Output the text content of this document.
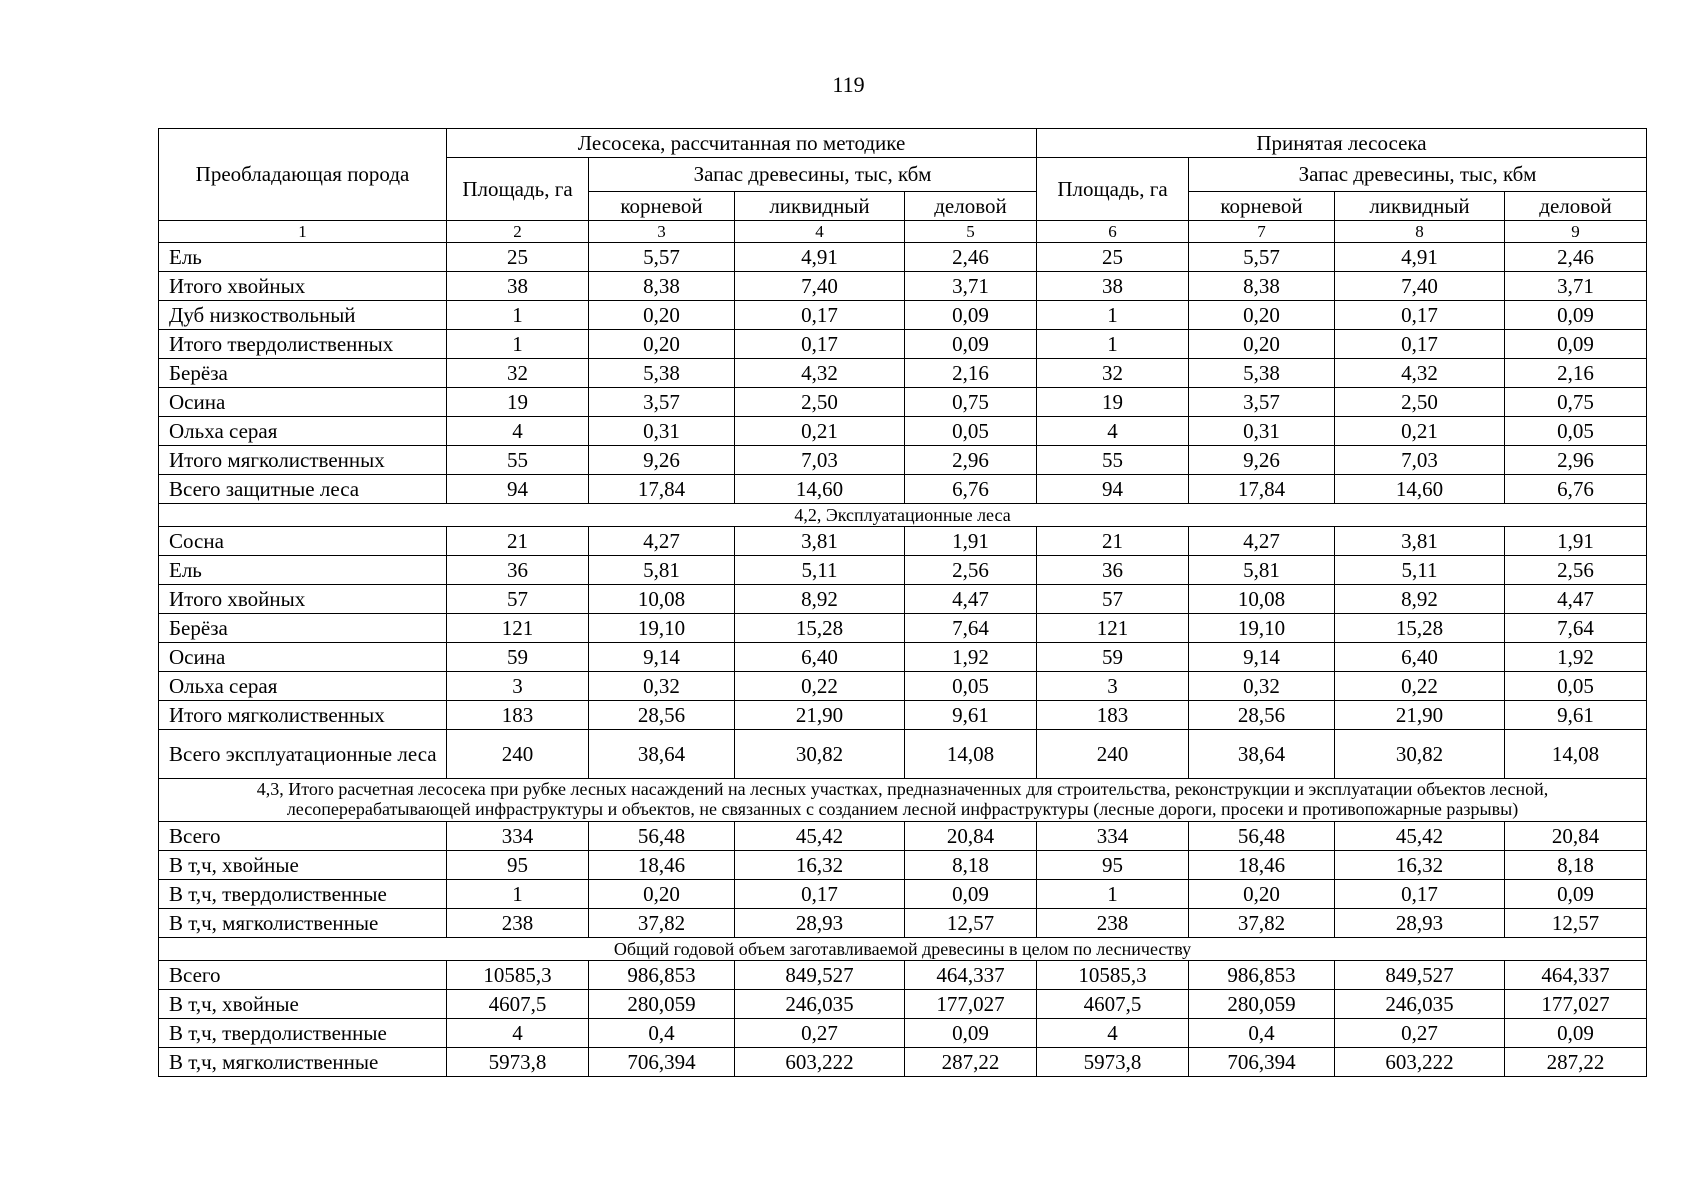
119
Преобладающая порода	Лесосека, рассчитанная по методике				Принятая лесосека			
	Площадь, га	Запас древесины, тыс, кбм			Площадь, га	Запас древесины, тыс, кбм		
		корневой	ликвидный	деловой		корневой	ликвидный	деловой
1	2	3	4	5	6	7	8	9
Ель	25	5,57	4,91	2,46	25	5,57	4,91	2,46
Итого хвойных	38	8,38	7,40	3,71	38	8,38	7,40	3,71
Дуб низкоствольный	1	0,20	0,17	0,09	1	0,20	0,17	0,09
Итого твердолиственных	1	0,20	0,17	0,09	1	0,20	0,17	0,09
Берёза	32	5,38	4,32	2,16	32	5,38	4,32	2,16
Осина	19	3,57	2,50	0,75	19	3,57	2,50	0,75
Ольха серая	4	0,31	0,21	0,05	4	0,31	0,21	0,05
Итого мягколиственных	55	9,26	7,03	2,96	55	9,26	7,03	2,96
Всего защитные леса	94	17,84	14,60	6,76	94	17,84	14,60	6,76

4,2, Эксплуатационные леса								

Сосна	21	4,27	3,81	1,91	21	4,27	3,81	1,91
Ель	36	5,81	5,11	2,56	36	5,81	5,11	2,56
Итого хвойных	57	10,08	8,92	4,47	57	10,08	8,92	4,47
Берёза	121	19,10	15,28	7,64	121	19,10	15,28	7,64
Осина	59	9,14	6,40	1,92	59	9,14	6,40	1,92
Ольха серая	3	0,32	0,22	0,05	3	0,32	0,22	0,05
Итого мягколиственных	183	28,56	21,90	9,61	183	28,56	21,90	9,61
Всего эксплуатационные леса	240	38,64	30,82	14,08	240	38,64	30,82	14,08

4,3, Итого расчетная лесосека при рубке лесных насаждений на лесных участках, предназначенных для строительства, реконструкции и эксплуатации объектов лесной,
лесоперерабатывающей инфраструктуры и объектов, не связанных с созданием лесной инфраструктуры (лесные дороги, просеки и противопожарные разрывы)								

Всего	334	56,48	45,42	20,84	334	56,48	45,42	20,84
В т,ч, хвойные	95	18,46	16,32	8,18	95	18,46	16,32	8,18
В т,ч, твердолиственные	1	0,20	0,17	0,09	1	0,20	0,17	0,09
В т,ч, мягколиственные	238	37,82	28,93	12,57	238	37,82	28,93	12,57

Общий годовой объем заготавливаемой древесины в целом по лесничеству								

Всего	10585,3	986,853	849,527	464,337	10585,3	986,853	849,527	464,337
В т,ч, хвойные	4607,5	280,059	246,035	177,027	4607,5	280,059	246,035	177,027
В т,ч, твердолиственные	4	0,4	0,27	0,09	4	0,4	0,27	0,09
В т,ч, мягколиственные	5973,8	706,394	603,222	287,22	5973,8	706,394	603,222	287,22
